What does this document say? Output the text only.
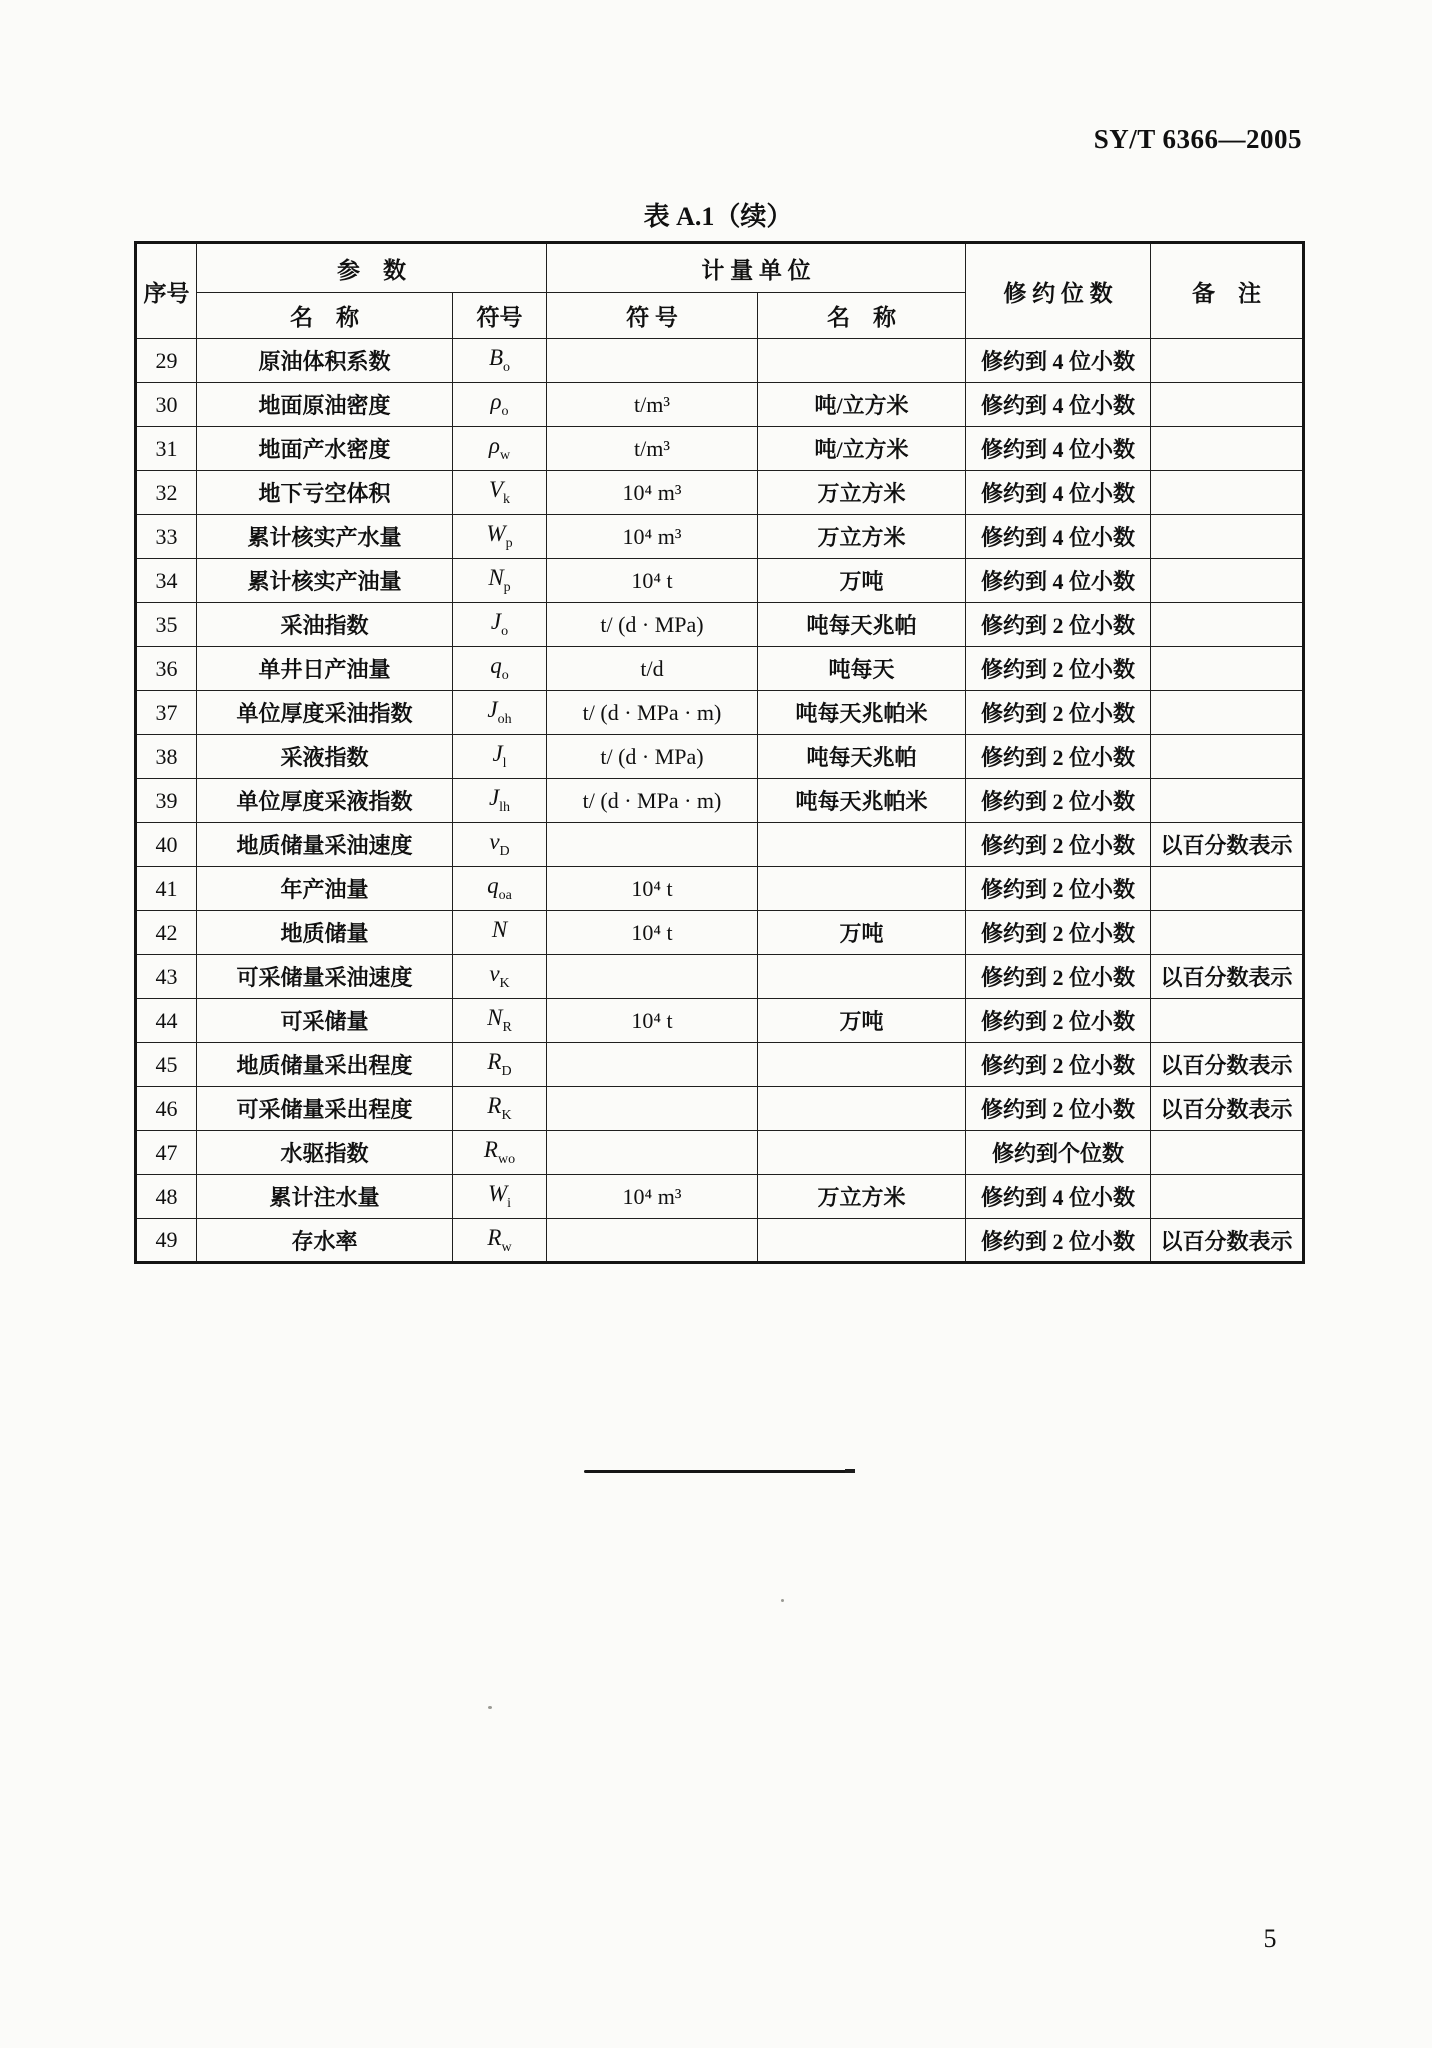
SY/T 6366—2005
表 A.1（续）
序号	参　数		计 量 单 位		修 约 位 数	备　注
	名　称	符号	符 号	名　称		
29	原油体积系数	$B_o$			修约到 4 位小数	
30	地面原油密度	$\rho_o$	t/m³	吨/立方米	修约到 4 位小数	
31	地面产水密度	$\rho_w$	t/m³	吨/立方米	修约到 4 位小数	
32	地下亏空体积	$V_k$	10⁴ m³	万立方米	修约到 4 位小数	
33	累计核实产水量	$W_p$	10⁴ m³	万立方米	修约到 4 位小数	
34	累计核实产油量	$N_p$	10⁴ t	万吨	修约到 4 位小数	
35	采油指数	$J_o$	t/ (d · MPa)	吨每天兆帕	修约到 2 位小数	
36	单井日产油量	$q_o$	t/d	吨每天	修约到 2 位小数	
37	单位厚度采油指数	$J_{oh}$	t/ (d · MPa · m)	吨每天兆帕米	修约到 2 位小数	
38	采液指数	$J_l$	t/ (d · MPa)	吨每天兆帕	修约到 2 位小数	
39	单位厚度采液指数	$J_{lh}$	t/ (d · MPa · m)	吨每天兆帕米	修约到 2 位小数	
40	地质储量采油速度	$v_D$			修约到 2 位小数	以百分数表示
41	年产油量	$q_{oa}$	10⁴ t		修约到 2 位小数	
42	地质储量	N	10⁴ t	万吨	修约到 2 位小数	
43	可采储量采油速度	$v_K$			修约到 2 位小数	以百分数表示
44	可采储量	$N_R$	10⁴ t	万吨	修约到 2 位小数	
45	地质储量采出程度	$R_D$			修约到 2 位小数	以百分数表示
46	可采储量采出程度	$R_K$			修约到 2 位小数	以百分数表示
47	水驱指数	$R_{wo}$			修约到个位数	
48	累计注水量	$W_i$	10⁴ m³	万立方米	修约到 4 位小数	
49	存水率	$R_w$			修约到 2 位小数	以百分数表示
5
